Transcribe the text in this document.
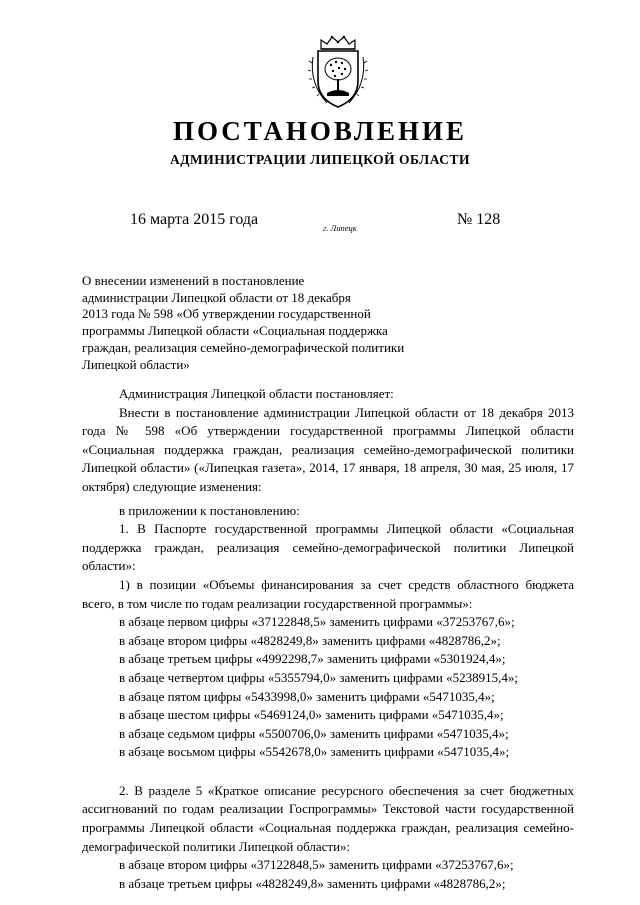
ПОСТАНОВЛЕНИЕ
АДМИНИСТРАЦИИ ЛИПЕЦКОЙ ОБЛАСТИ
16 марта 2015 года	г. Липецк	№ 128
О внесении изменений в постановление
администрации Липецкой области от 18 декабря
2013 года № 598 «Об утверждении государственной
программы Липецкой области «Социальная поддержка
граждан, реализация семейно-демографической политики
Липецкой области»

Администрация Липецкой области постановляет:

Внести в постановление администрации Липецкой области от 18 декабря 2013 года № 598 «Об утверждении государственной программы Липецкой области «Социальная поддержка граждан, реализация семейно-демографической политики Липецкой области» («Липецкая газета», 2014, 17 января, 18 апреля, 30 мая, 25 июля, 17 октября) следующие изменения:

в приложении к постановлению:

1. В Паспорте государственной программы Липецкой области «Социальная поддержка граждан, реализация семейно-демографической политики Липецкой области»:

1) в позиции «Объемы финансирования за счет средств областного бюджета всего, в том числе по годам реализации государственной программы»:

в абзаце первом цифры «37122848,5» заменить цифрами «37253767,6»;
в абзаце втором цифры «4828249,8» заменить цифрами «4828786,2»;
в абзаце третьем цифры «4992298,7» заменить цифрами «5301924,4»;
в абзаце четвертом цифры «5355794,0» заменить цифрами «5238915,4»;
в абзаце пятом цифры «5433998,0» заменить цифрами «5471035,4»;
в абзаце шестом цифры «5469124,0» заменить цифрами «5471035,4»;
в абзаце седьмом цифры «5500706,0» заменить цифрами «5471035,4»;
в абзаце восьмом цифры «5542678,0» заменить цифрами «5471035,4»;

2. В разделе 5 «Краткое описание ресурсного обеспечения за счет бюджетных ассигнований по годам реализации Госпрограммы» Текстовой части государственной программы Липецкой области «Социальная поддержка граждан, реализация семейно-демографической политики Липецкой области»:

в абзаце втором цифры «37122848,5» заменить цифрами «37253767,6»;
в абзаце третьем цифры «4828249,8» заменить цифрами «4828786,2»;
